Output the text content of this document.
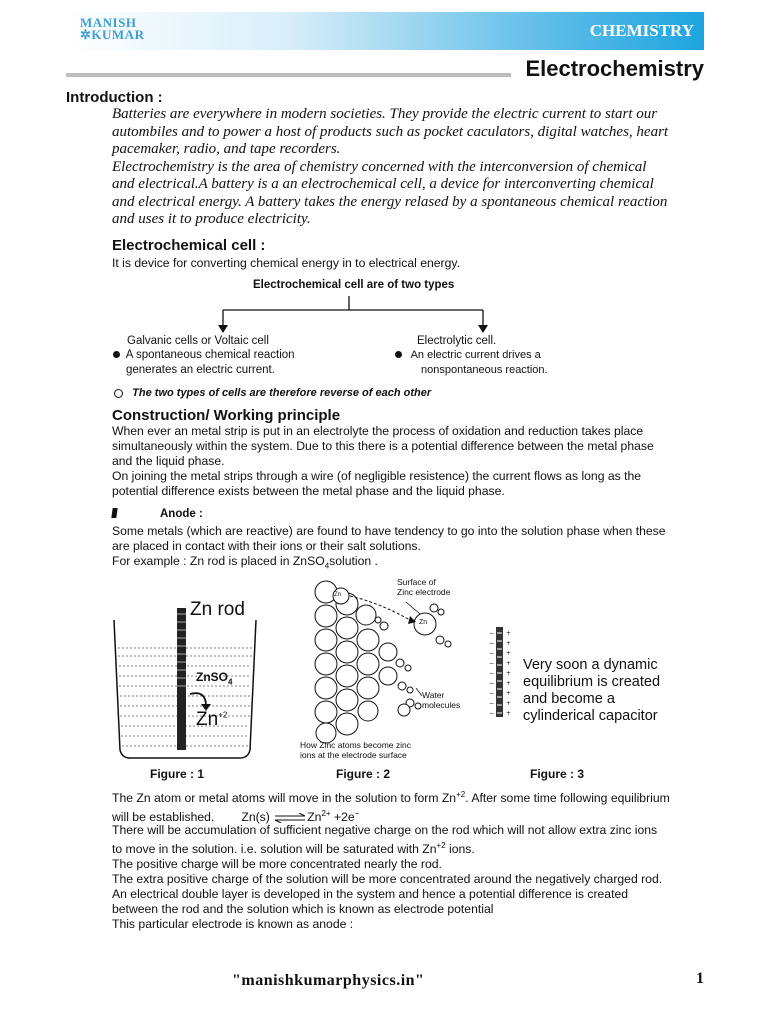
MANISH
✲KUMAR	CHEMISTRY
Electrochemistry
Introduction :
Batteries are everywhere in modern societies. They provide the electric current to start our
autombiles and to power a host of products such as pocket caculators, digital watches, heart
pacemaker, radio, and tape recorders.
Electrochemistry is the area of chemistry concerned with the interconversion of chemical
and electrical.A battery is a an electrochemical cell, a device for interconverting chemical
and electrical energy. A battery takes the energy relased by a spontaneous chemical reaction
and uses it to produce electricity.
Electrochemical cell :
It is device for converting chemical energy in to electrical energy.
Electrochemical cell are of two types
Galvanic cells or Voltaic cell
A spontaneous chemical reaction
generates an electric current.
Electrolytic cell.
An electric current drives a
nonspontaneous reaction.
The two types of cells are therefore reverse of each other
Construction/ Working principle
When ever an metal strip is put in an electrolyte the process of oxidation and reduction takes place
simultaneously within the system. Due to this there is a potential difference between the metal phase
and the liquid phase.
On joining the metal strips through a wire (of negligible resistence) the current flows as long as the
potential difference exists between the metal phase and the liquid phase.
Anode :
Some metals (which are reactive) are found to have tendency to go into the solution phase when these
are placed in contact with their ions or their salt solutions.
For example : Zn rod is placed in ZnSO$_4$solution .
Zn rod
ZnSO$_4$
$Zn^{+2}$
Zn
Zn
Surface of
Zinc electrode
Water
molecules
How Zinc atoms become zinc
ions at the electrode surface
−
−
−
−
−
−
−
−
−
+
+
+
+
+
+
+
+
+
Very soon a dynamic
equilibrium is created
and become a
cylinderical capacitor
Figure : 1	Figure : 2	Figure : 3
The Zn atom or metal atoms will move in the solution to form $Zn^{+2}$. After some time following equilibrium
will be established. Zn(s) $\rightleftharpoons Zn^{2+} +2e^-$
There will be accumulation of sufficient negative charge on the rod which will not allow extra zinc ions
to move in the solution. i.e. solution will be saturated with $Zn^{+2}$ ions.
The positive charge will be more concentrated nearly the rod.
The extra positive charge of the solution will be more concentrated around the negatively charged rod.
An electrical double layer is developed in the system and hence a potential difference is created
between the rod and the solution which is known as electrode potential
This particular electrode is known as anode :
"manishkumarphysics.in"	1
